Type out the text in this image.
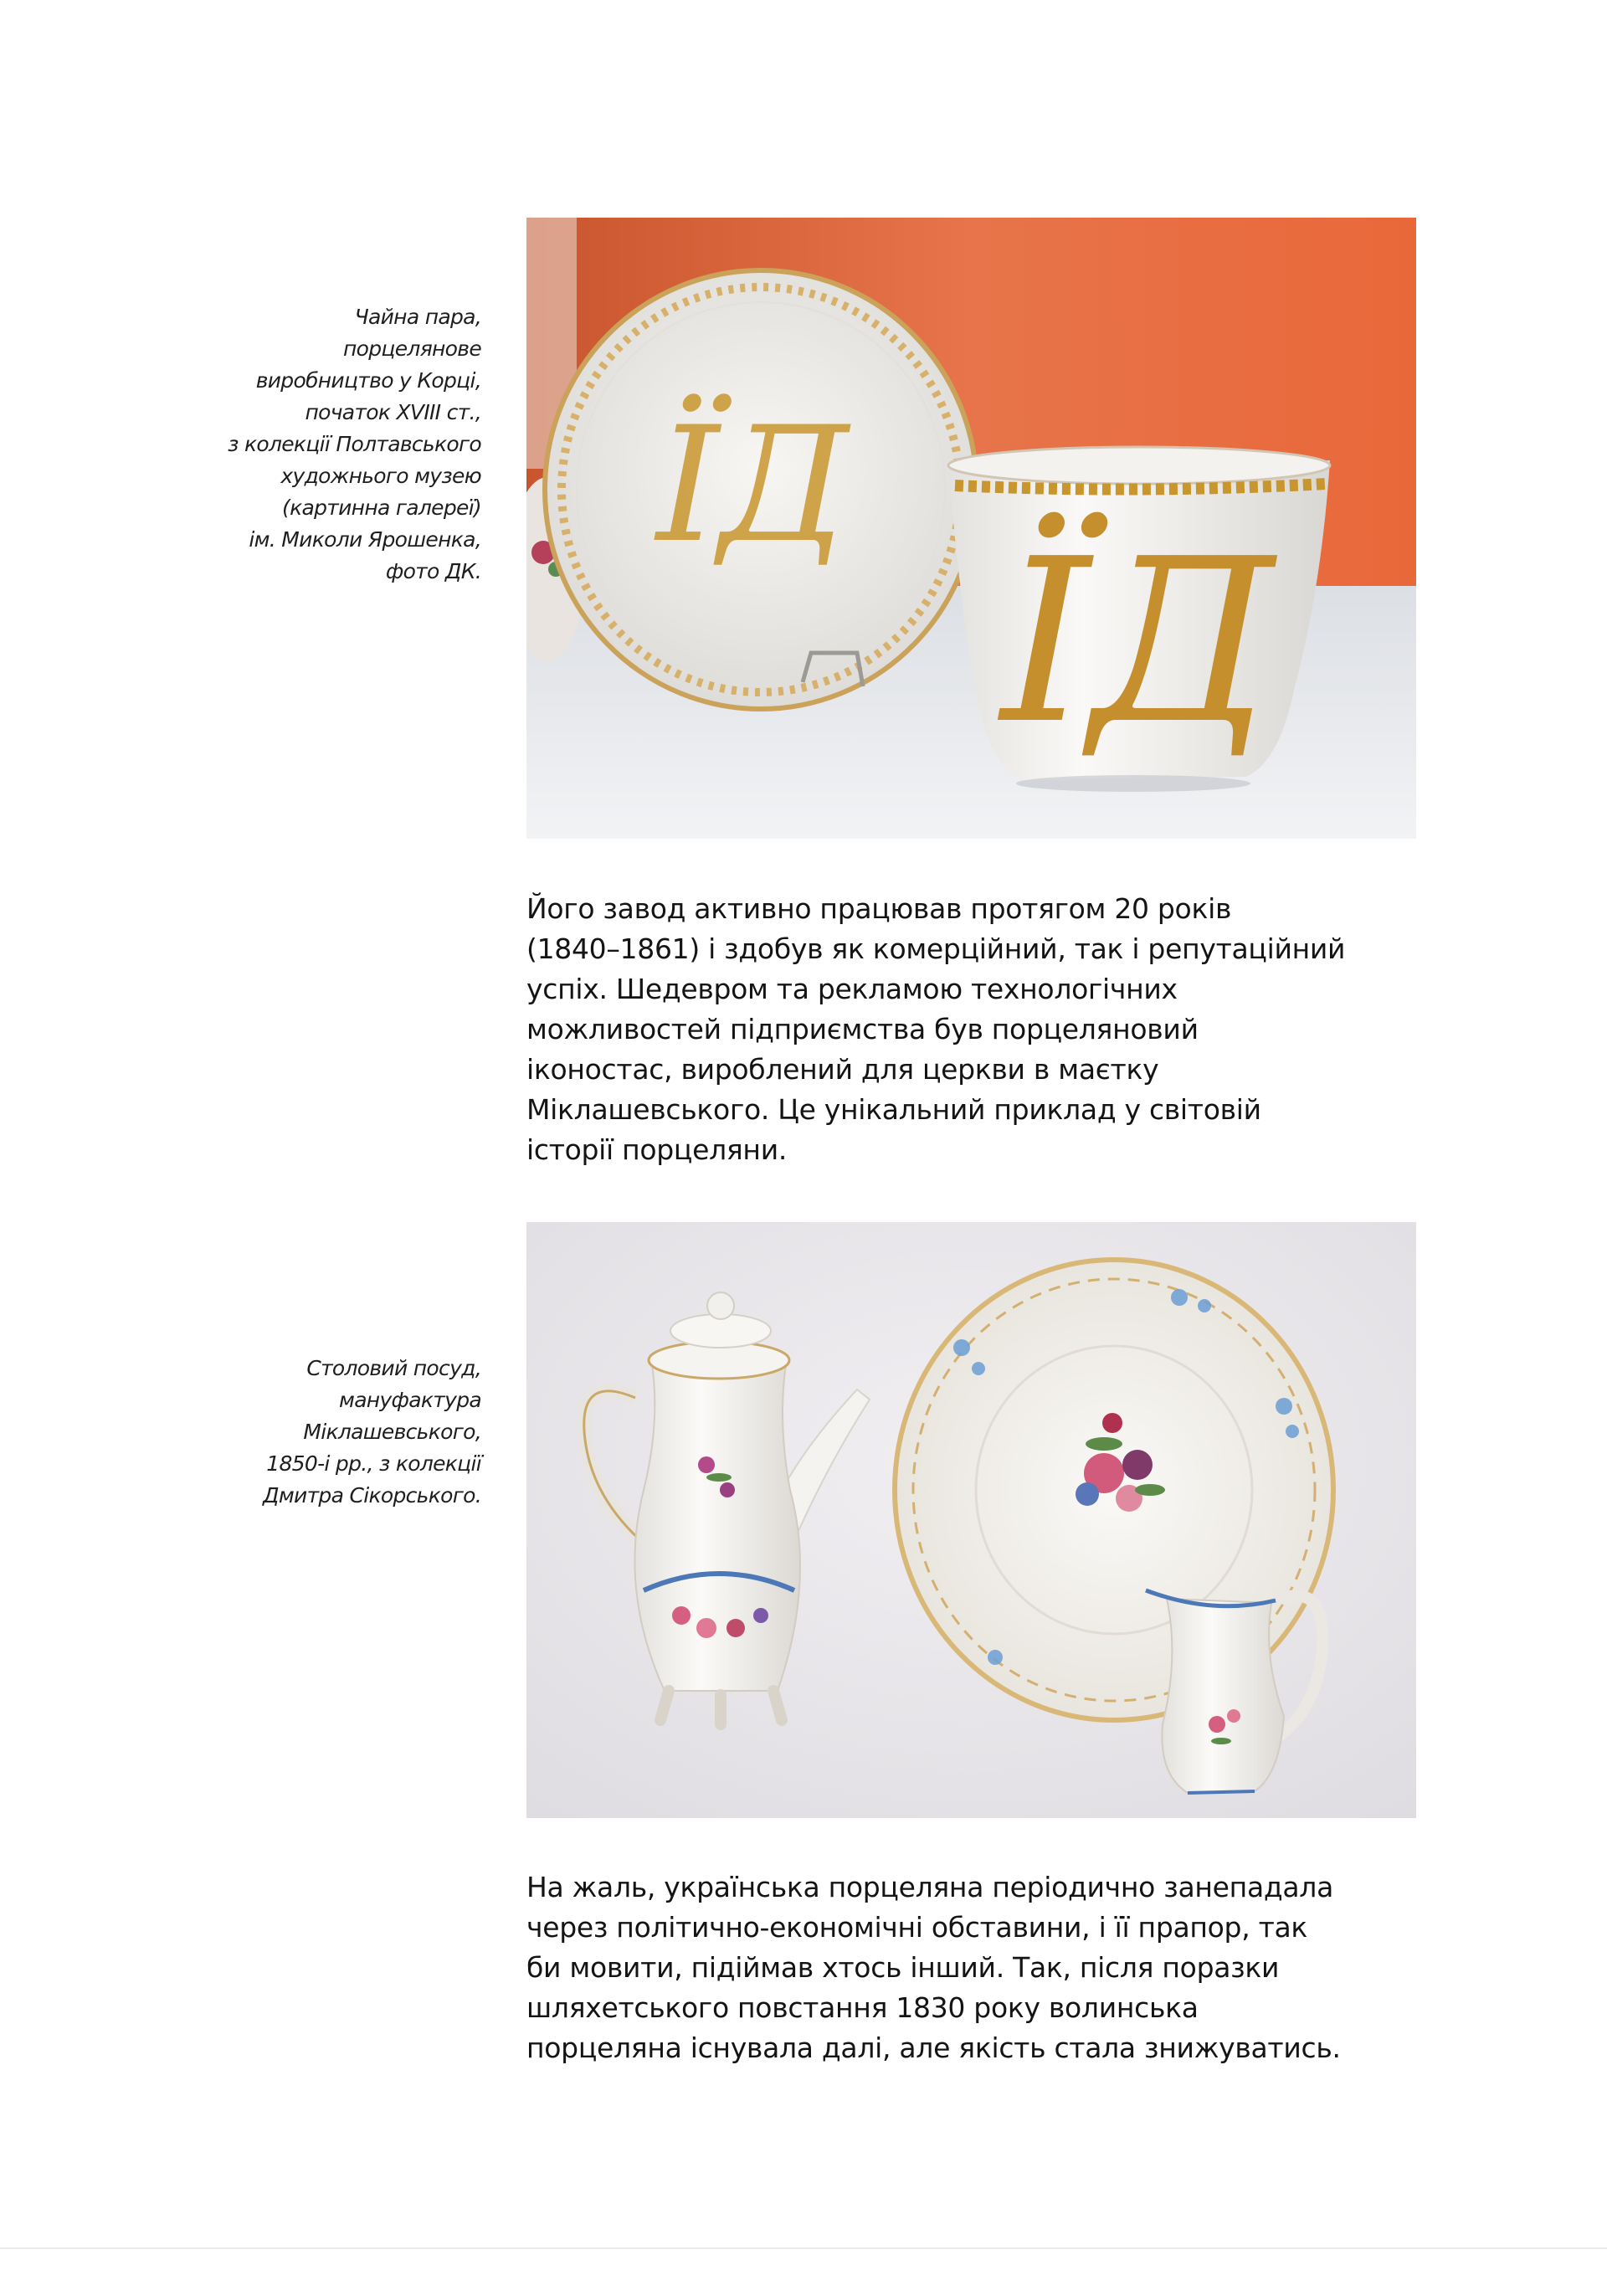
Чайна пара,
порцелянове
виробництво у Корці,
початок XVIII ст.,
з колекції Полтавського
художнього музею
(картинна галереї)
ім. Миколи Ярошенка,
фото ДК. ЇД
ЇД
Його завод активно працював протягом 20 років
(1840–1861) і здобув як комерційний, так і репутаційний
успіх. Шедевром та рекламою технологічних
можливостей підприємства був порцеляновий
іконостас, вироблений для церкви в маєтку
Міклашевського. Це унікальний приклад у світовій
історії порцеляни.
Столовий посуд,
мануфактура
Міклашевського,
1850-і рр., з колекції
Дмитра Сікорського.
На жаль, українська порцеляна періодично занепадала
через політично-економічні обставини, і її прапор, так
би мовити, підіймав хтось інший. Так, після поразки
шляхетського повстання 1830 року волинська
порцеляна існувала далі, але якість стала знижуватись.
